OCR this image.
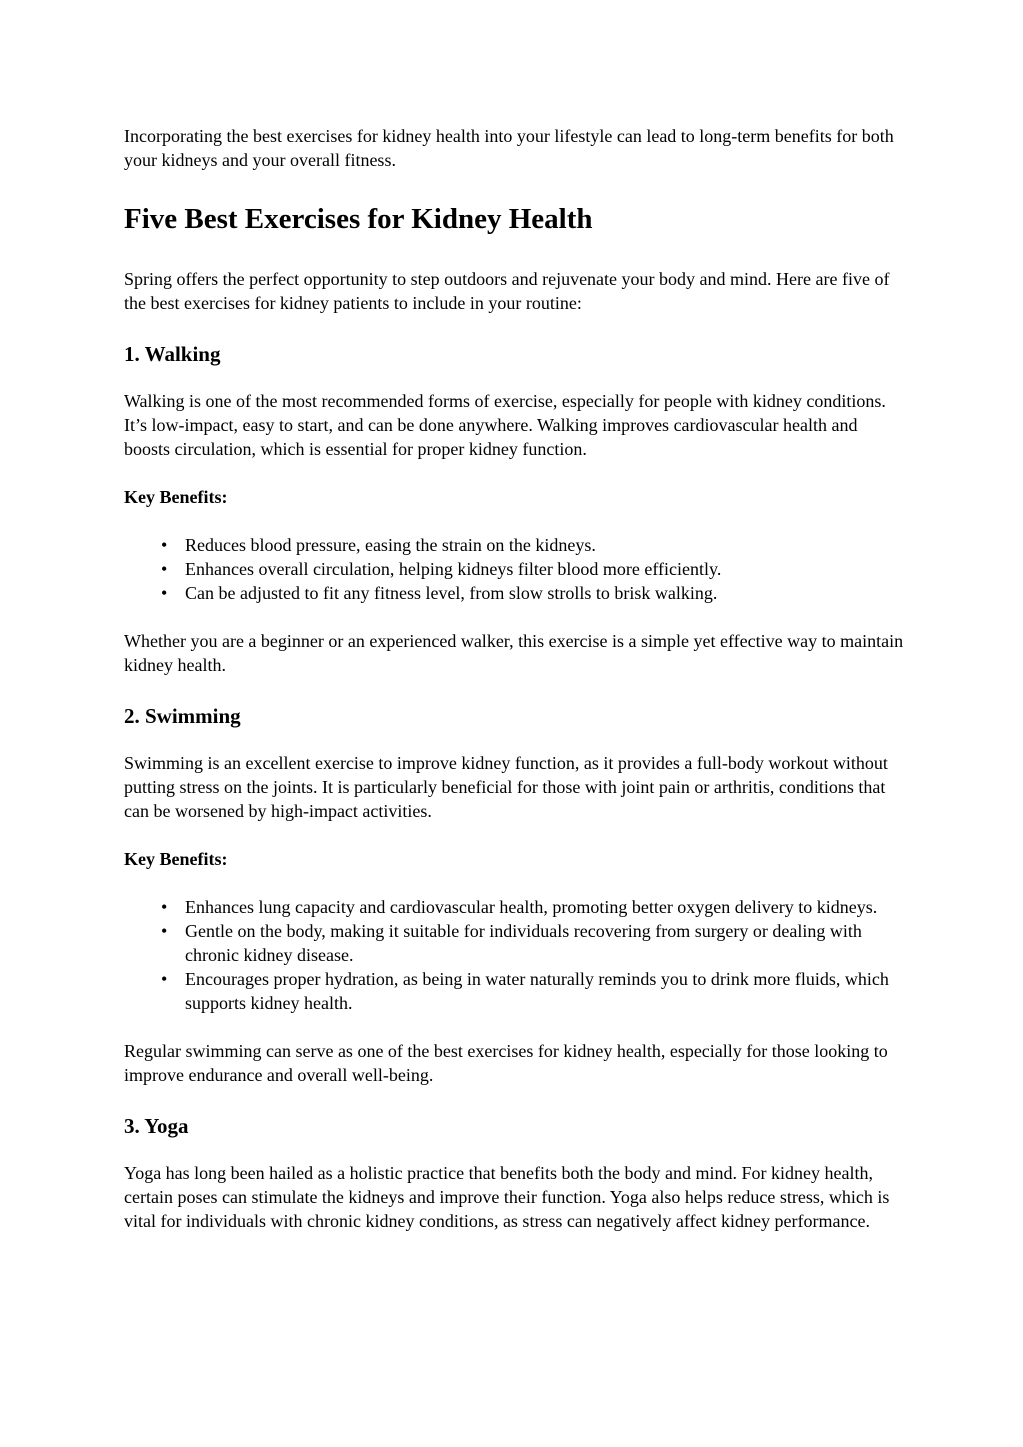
Incorporating the best exercises for kidney health into your lifestyle can lead to long-term benefits for both your kidneys and your overall fitness.

Five Best Exercises for Kidney Health

Spring offers the perfect opportunity to step outdoors and rejuvenate your body and mind. Here are five of the best exercises for kidney patients to include in your routine:

1. Walking

Walking is one of the most recommended forms of exercise, especially for people with kidney conditions. It’s low-impact, easy to start, and can be done anywhere. Walking improves cardiovascular health and boosts circulation, which is essential for proper kidney function.

Key Benefits:

• Reduces blood pressure, easing the strain on the kidneys.
• Enhances overall circulation, helping kidneys filter blood more efficiently.
• Can be adjusted to fit any fitness level, from slow strolls to brisk walking.

Whether you are a beginner or an experienced walker, this exercise is a simple yet effective way to maintain kidney health.

2. Swimming

Swimming is an excellent exercise to improve kidney function, as it provides a full-body workout without putting stress on the joints. It is particularly beneficial for those with joint pain or arthritis, conditions that can be worsened by high-impact activities.

Key Benefits:

• Enhances lung capacity and cardiovascular health, promoting better oxygen delivery to kidneys.
• Gentle on the body, making it suitable for individuals recovering from surgery or dealing with chronic kidney disease.
• Encourages proper hydration, as being in water naturally reminds you to drink more fluids, which supports kidney health.

Regular swimming can serve as one of the best exercises for kidney health, especially for those looking to improve endurance and overall well-being.

3. Yoga

Yoga has long been hailed as a holistic practice that benefits both the body and mind. For kidney health, certain poses can stimulate the kidneys and improve their function. Yoga also helps reduce stress, which is vital for individuals with chronic kidney conditions, as stress can negatively affect kidney performance.
